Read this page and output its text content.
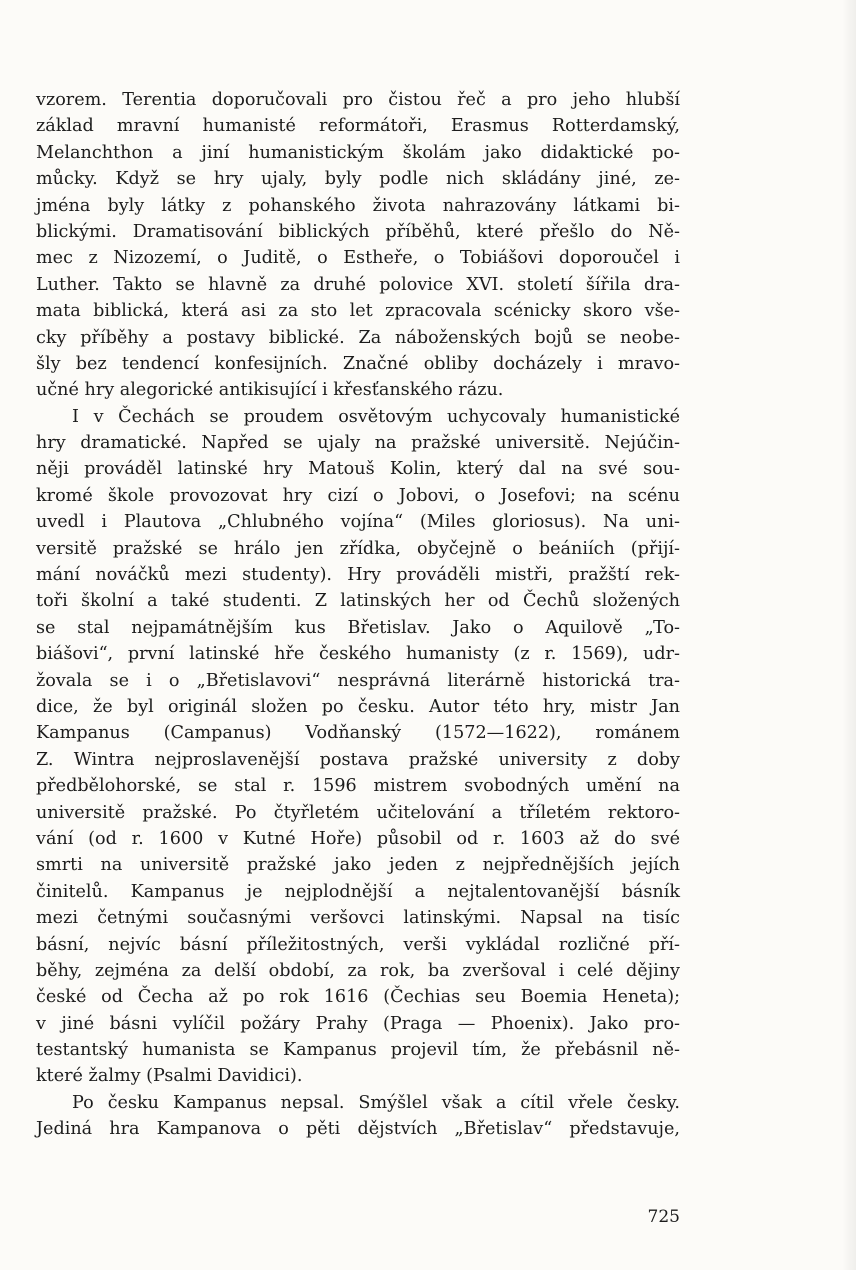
vzorem. Terentia doporučovali pro čistou řeč a pro jeho hlubší
základ mravní humanisté reformátoři, Erasmus Rotterdamský,
Melanchthon a jiní humanistickým školám jako didaktické po-
můcky. Když se hry ujaly, byly podle nich skládány jiné, ze-
jména byly látky z pohanského života nahrazovány látkami bi-
blickými. Dramatisování biblických příběhů, které přešlo do Ně-
mec z Nizozemí, o Juditě, o Estheře, o Tobiášovi doporoučel i
Luther. Takto se hlavně za druhé polovice XVI. století šířila dra-
mata biblická, která asi za sto let zpracovala scénicky skoro vše-
cky příběhy a postavy biblické. Za náboženských bojů se neobe-
šly bez tendencí konfesijních. Značné obliby docházely i mravo-
učné hry alegorické antikisující i křesťanského rázu.
I v Čechách se proudem osvětovým uchycovaly humanistické
hry dramatické. Napřed se ujaly na pražské universitě. Nejúčin-
něji prováděl latinské hry Matouš Kolin, který dal na své sou-
kromé škole provozovat hry cizí o Jobovi, o Josefovi; na scénu
uvedl i Plautova „Chlubného vojína“ (Miles gloriosus). Na uni-
versitě pražské se hrálo jen zřídka, obyčejně o beániích (přijí-
mání nováčků mezi studenty). Hry prováděli mistři, pražští rek-
toři školní a také studenti. Z latinských her od Čechů složených
se stal nejpamátnějším kus Břetislav. Jako o Aquilově „To-
biášovi“, první latinské hře českého humanisty (z r. 1569), udr-
žovala se i o „Břetislavovi“ nesprávná literárně historická tra-
dice, že byl originál složen po česku. Autor této hry, mistr Jan
Kampanus (Campanus) Vodňanský (1572—1622), románem
Z. Wintra nejproslavenější postava pražské university z doby
předbělohorské, se stal r. 1596 mistrem svobodných umění na
universitě pražské. Po čtyřletém učitelování a tříletém rektoro-
vání (od r. 1600 v Kutné Hoře) působil od r. 1603 až do své
smrti na universitě pražské jako jeden z nejpřednějších jejích
činitelů. Kampanus je nejplodnější a nejtalentovanější básník
mezi četnými současnými veršovci latinskými. Napsal na tisíc
básní, nejvíc básní příležitostných, verši vykládal rozličné pří-
běhy, zejména za delší období, za rok, ba zveršoval i celé dějiny
české od Čecha až po rok 1616 (Čechias seu Boemia Heneta);
v jiné básni vylíčil požáry Prahy (Praga — Phoenix). Jako pro-
testantský humanista se Kampanus projevil tím, že přebásnil ně-
které žalmy (Psalmi Davidici).
Po česku Kampanus nepsal. Smýšlel však a cítil vřele česky.
Jediná hra Kampanova o pěti dějstvích „Břetislav“ představuje,
725
